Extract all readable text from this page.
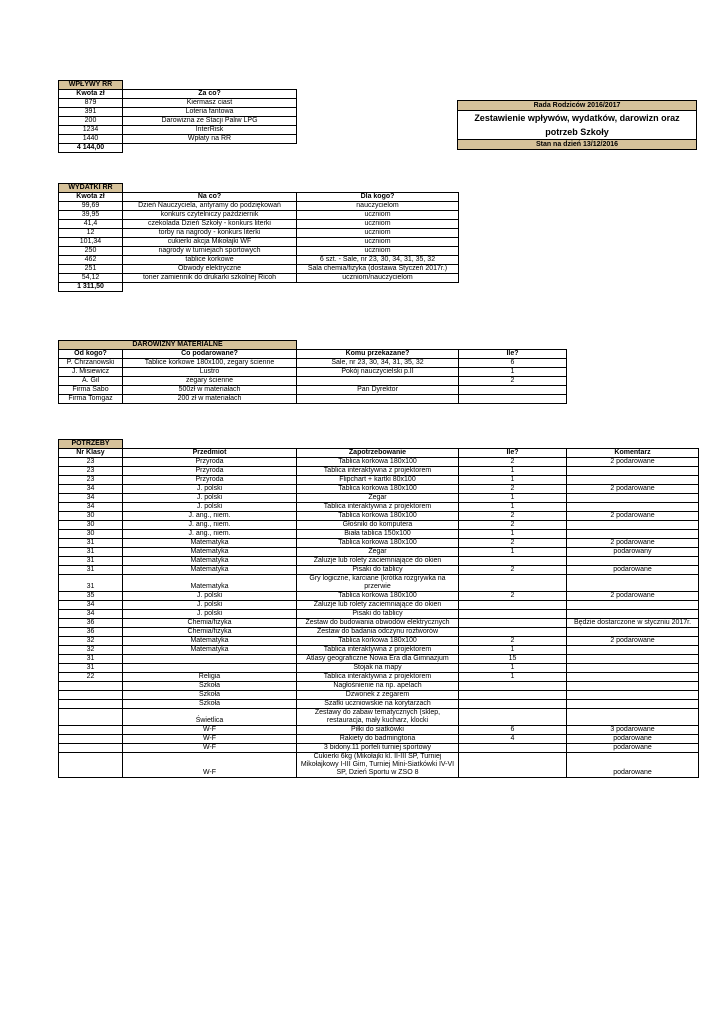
Rada Rodziców 2016/2017
Zestawienie wpływów, wydatków, darowizn oraz potrzeb Szkoły
Stan na dzień 13/12/2016
WPŁYWY RR	
Kwota zł	Za co?
879	Kiermasz ciast
391	Loteria fantowa
200	Darowizna ze Stacji Paliw LPG
1234	InterRisk
1440	Wpłaty na RR
4 144,00	
WYDATKI RR		
Kwota zł	Na co?	Dla kogo?
99,69	Dzień Nauczyciela, antyramy do podziękowań	nauczycielom
39,95	konkurs czytelniczy październik	uczniom
41,4	czekolada Dzień Szkoły - konkurs literki	uczniom
12	torby na nagrody - konkurs literki	uczniom
101,34	cukierki akcja Mikołajki WF	uczniom
250	nagrody w turniejach sportowych	uczniom
462	tablice korkowe	6 szt. - Sale, nr 23, 30, 34, 31, 35, 32
251	Obwody elektryczne	Sala chemia/fizyka (dostawa Styczeń 2017r.)
54,12	toner zamiennik do drukarki szkolnej Ricoh	uczniom/nauczycielom
1 311,50		
DAROWIZNY MATERIALNE			
Od kogo?	Co podarowane?	Komu przekazane?	Ile?
P. Chrzanowski	Tablice korkowe 180x100, zegary ścienne	Sale, nr 23, 30, 34, 31, 35, 32	6
J. Misiewicz	Lustro	Pokój nauczycielski p.II	1
A. Gil	zegary ścienne		2
Firma Sabo	500zł w materiałach	Pan Dyrektor	
Firma Tomgaz	200 zł w materiałach		
POTRZEBY				
Nr Klasy	Przedmiot	Zapotrzebowanie	Ile?	Komentarz
23	Przyroda	Tablica korkowa 180x100	2	2 podarowane
23	Przyroda	Tablica interaktywna z projektorem	1	
23	Przyroda	Flipchart + kartki 80x100	1	
34	J. polski	Tablica korkowa 180x100	2	2 podarowane
34	J. polski	Zegar	1	
34	J. polski	Tablica interaktywna z projektorem	1	
30	J. ang., niem.	Tablica korkowa 180x100	2	2 podarowane
30	J. ang., niem.	Głośniki do komputera	2	
30	J. ang., niem.	Biała tablica 150x100	1	
31	Matematyka	Tablica korkowa 180x100	2	2 podarowane
31	Matematyka	Zegar	1	podarowany
31	Matematyka	Żaluzje lub rolety zaciemniające do okien		
31	Matematyka	Pisaki do tablicy	2	podarowane
31	Matematyka	Gry logiczne, karciane (krótka rozgrywka na przerwie		
35	J. polski	Tablica korkowa 180x100	2	2 podarowane
34	J. polski	Żaluzje lub rolety zaciemniające do okien		
34	J. polski	Pisaki do tablicy		
36	Chemia/fizyka	Zestaw do budowania obwodów elektrycznych		Będzie dostarczone w styczniu 2017r.
36	Chemia/fizyka	Zestaw do badania odczynu roztworów		
32	Matematyka	Tablica korkowa 180x100	2	2 podarowane
32	Matematyka	Tablica interaktywna z projektorem	1	
31		Atlasy geograficzne Nowa Era dla Gimnazjum	15	
31		Stojak na mapy	1	
22	Religia	Tablica interaktywna z projektorem	1	
	Szkoła	Nagłośnienie na np. apelach		
	Szkoła	Dzwonek z zegarem		
	Szkoła	Szafki uczniowskie na korytarzach		
	Świetlica	Zestawy do zabaw tematycznych (sklep, restauracja, mały kucharz, klocki		
	W-F	Piłki do siatkówki	6	3 podarowane
	W-F	Rakiety do badmingtona	4	podarowane
	W-F	3 bidony.11 porfeli turniej sportowy		podarowane
	W-F	Cukierki 6kg (Mikołajki kl. II-III SP, Turniej Mikołajkowy I-III Gim, Turniej Mini-Siatkówki IV-VI SP, Dzień Sportu w ZSO 8		podarowane
